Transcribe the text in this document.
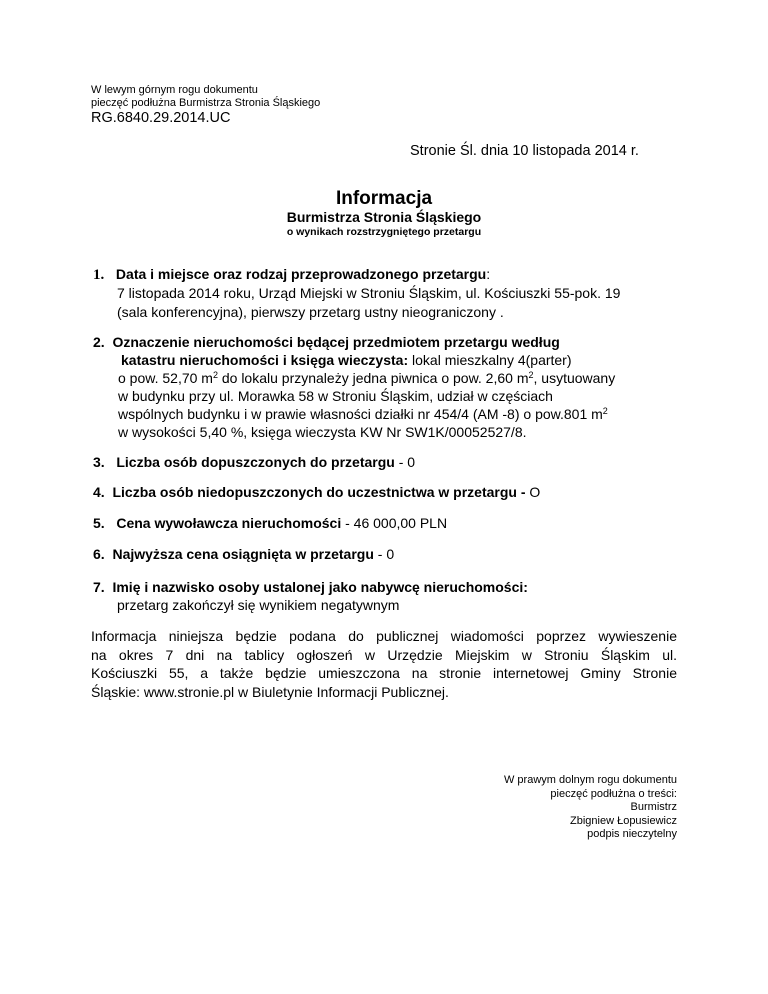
W lewym górnym rogu dokumentu
pieczęć podłużna Burmistrza Stronia Śląskiego
RG.6840.29.2014.UC
Stronie Śl. dnia 10 listopada 2014 r.
Informacja
Burmistrza Stronia Śląskiego
o wynikach rozstrzygniętego przetargu
1. Data i miejsce oraz rodzaj przeprowadzonego przetargu:
7 listopada 2014 roku, Urząd Miejski w Stroniu Śląskim, ul. Kościuszki 55-pok. 19
(sala konferencyjna), pierwszy przetarg ustny nieograniczony .
2. Oznaczenie nieruchomości będącej przedmiotem przetargu według
katastru nieruchomości i księga wieczysta: lokal mieszkalny 4(parter)
o pow. 52,70 $m^2$ do lokalu przynależy jedna piwnica o pow. 2,60 $m^2$, usytuowany
w budynku przy ul. Morawka 58 w Stroniu Śląskim, udział w częściach
wspólnych budynku i w prawie własności działki nr 454/4 (AM -8) o pow.801 $m^2$
w wysokości 5,40 %, księga wieczysta KW Nr SW1K/00052527/8.
3. Liczba osób dopuszczonych do przetargu - 0
4. Liczba osób niedopuszczonych do uczestnictwa w przetargu - O
5. Cena wywoławcza nieruchomości - 46 000,00 PLN
6. Najwyższa cena osiągnięta w przetargu - 0
7. Imię i nazwisko osoby ustalonej jako nabywcę nieruchomości:
przetarg zakończył się wynikiem negatywnym
Informacja niniejsza będzie podana do publicznej wiadomości poprzez wywieszenie
na okres 7 dni na tablicy ogłoszeń w Urzędzie Miejskim w Stroniu Śląskim ul.
Kościuszki 55, a także będzie umieszczona na stronie internetowej Gminy Stronie
Śląskie: www.stronie.pl w Biuletynie Informacji Publicznej.
W prawym dolnym rogu dokumentu
pieczęć podłużna o treści:
Burmistrz
Zbigniew Łopusiewicz
podpis nieczytelny
